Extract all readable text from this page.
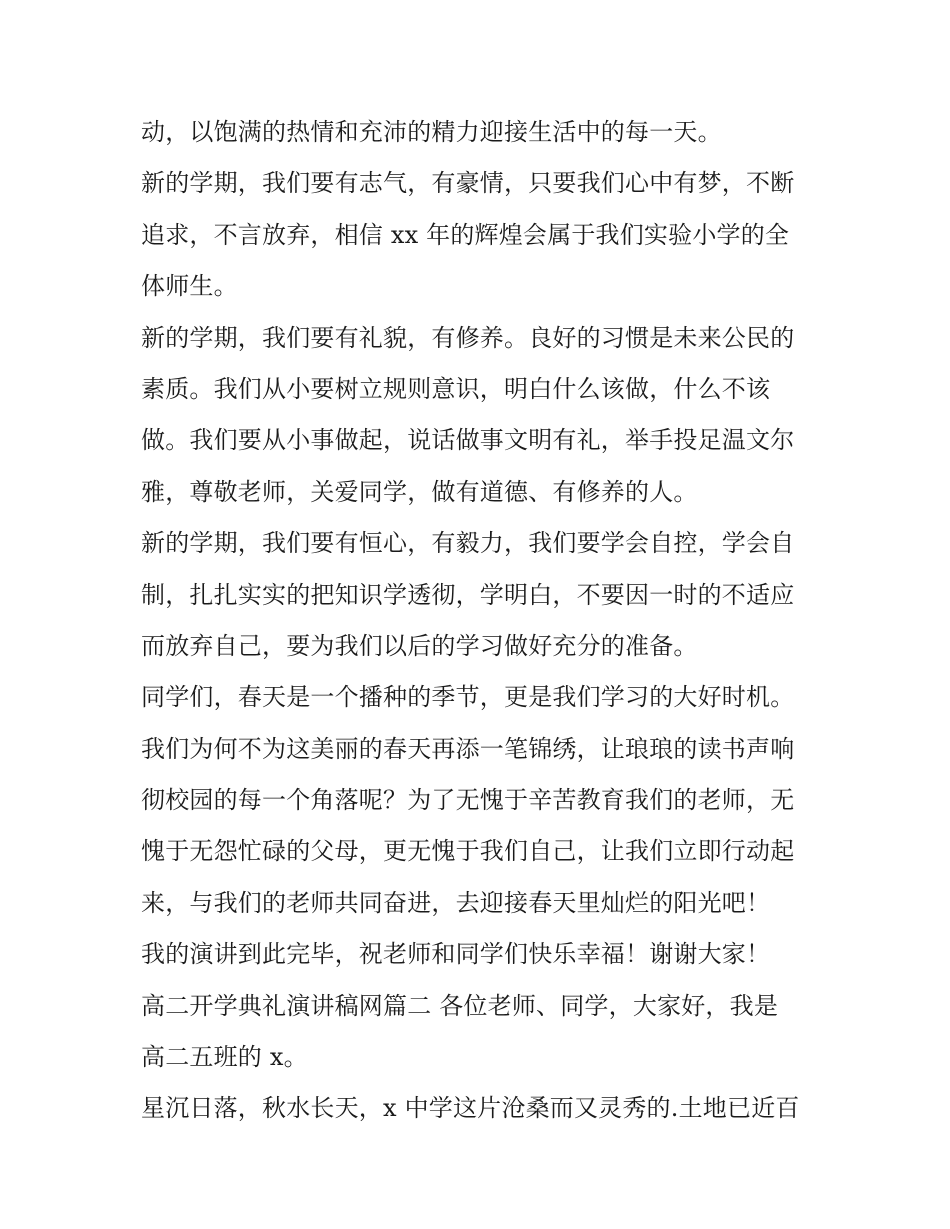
动，以饱满的热情和充沛的精力迎接生活中的每一天。
新的学期，我们要有志气，有豪情，只要我们心中有梦，不断
追求，不言放弃，相信 xx 年的辉煌会属于我们实验小学的全
体师生。
新的学期，我们要有礼貌，有修养。良好的习惯是未来公民的
素质。我们从小要树立规则意识，明白什么该做，什么不该
做。我们要从小事做起，说话做事文明有礼，举手投足温文尔
雅，尊敬老师，关爱同学，做有道德、有修养的人。
新的学期，我们要有恒心，有毅力，我们要学会自控，学会自
制，扎扎实实的把知识学透彻，学明白，不要因一时的不适应
而放弃自己，要为我们以后的学习做好充分的准备。
同学们，春天是一个播种的季节，更是我们学习的大好时机。
我们为何不为这美丽的春天再添一笔锦绣，让琅琅的读书声响
彻校园的每一个角落呢？为了无愧于辛苦教育我们的老师，无
愧于无怨忙碌的父母，更无愧于我们自己，让我们立即行动起
来，与我们的老师共同奋进，去迎接春天里灿烂的阳光吧！
我的演讲到此完毕，祝老师和同学们快乐幸福！谢谢大家！
高二开学典礼演讲稿网篇二 各位老师、同学，大家好，我是
高二五班的 x。
星沉日落，秋水长天，x 中学这片沧桑而又灵秀的.土地已近百
